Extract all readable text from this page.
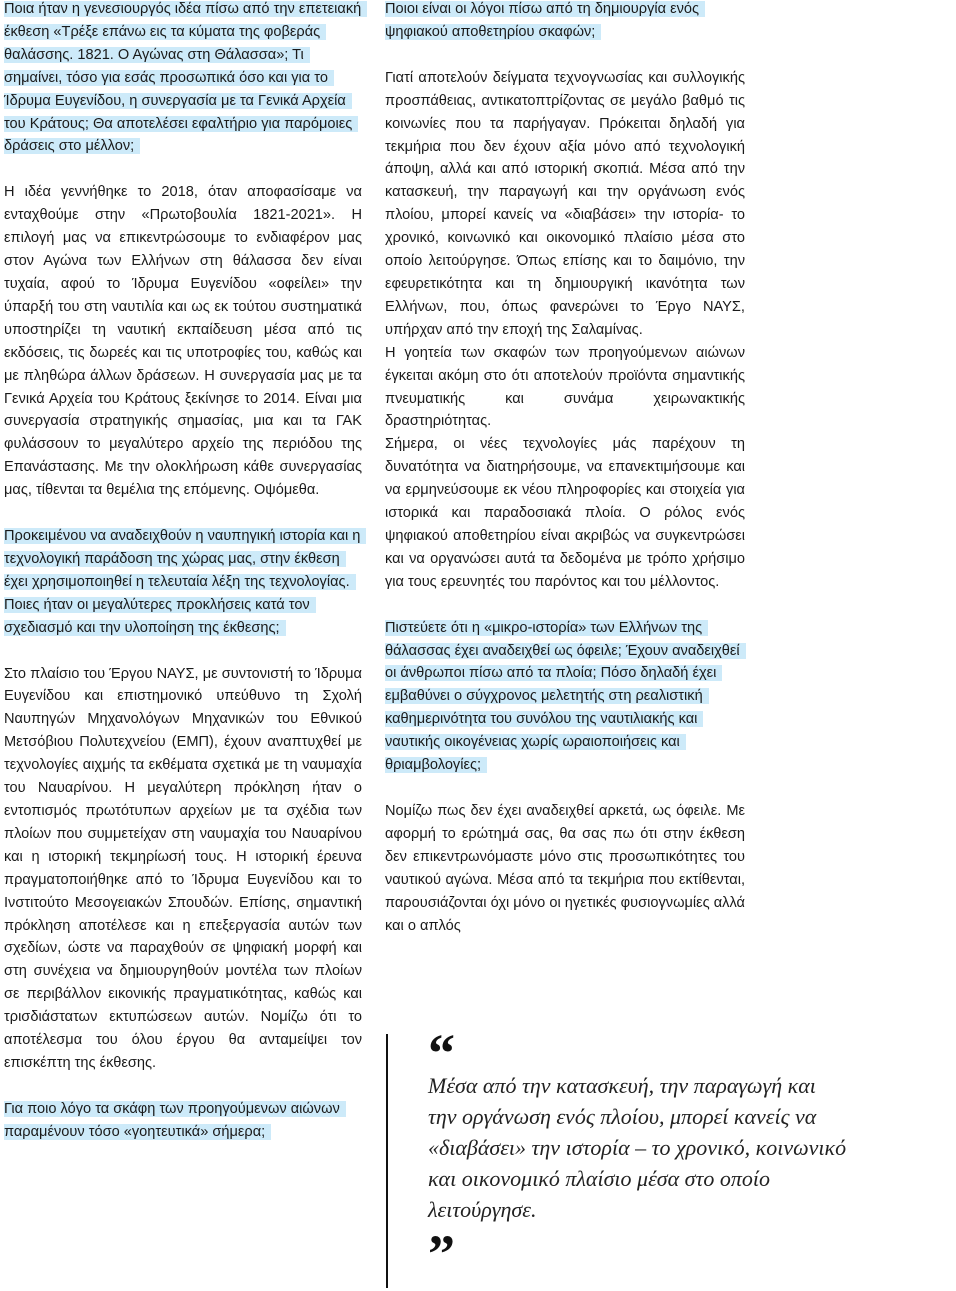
Ποια ήταν η γενεσιουργός ιδέα πίσω από την επετειακή έκθεση «Τρέξε επάνω εις τα κύματα της φοβεράς θαλάσσης. 1821. Ο Αγώνας στη Θάλασσα»; Τι σημαίνει, τόσο για εσάς προσωπικά όσο και για το Ίδρυμα Ευγενίδου, η συνεργασία με τα Γενικά Αρχεία του Κράτους; Θα αποτελέσει εφαλτήριο για παρόμοιες δράσεις στο μέλλον;

Η ιδέα γεννήθηκε το 2018, όταν αποφασίσαμε να ενταχθούμε στην «Πρωτοβουλία 1821-2021». Η επιλογή μας να επικεντρώσουμε το ενδιαφέρον μας στον Αγώνα των Ελλήνων στη θάλασσα δεν είναι τυχαία, αφού το Ίδρυμα Ευγενίδου «οφείλει» την ύπαρξή του στη ναυτιλία και ως εκ τούτου συστηματικά υποστηρίζει τη ναυτική εκπαίδευση μέσα από τις εκδόσεις, τις δωρεές και τις υποτροφίες του, καθώς και με πληθώρα άλλων δράσεων. Η συνεργασία μας με τα Γενικά Αρχεία του Κράτους ξεκίνησε το 2014. Είναι μια συνεργασία στρατηγικής σημασίας, μια και τα ΓΑΚ φυλάσσουν το μεγαλύτερο αρχείο της περιόδου της Επανάστασης. Με την ολοκλήρωση κάθε συνεργασίας μας, τίθενται τα θεμέλια της επόμενης. Οψόμεθα.

Προκειμένου να αναδειχθούν η ναυπηγική ιστορία και η τεχνολογική παράδοση της χώρας μας, στην έκθεση έχει χρησιμοποιηθεί η τελευταία λέξη της τεχνολογίας. Ποιες ήταν οι μεγαλύτερες προκλήσεις κατά τον σχεδιασμό και την υλοποίηση της έκθεσης;

Στο πλαίσιο του Έργου ΝΑΥΣ, με συντονιστή το Ίδρυμα Ευγενίδου και επιστημονικό υπεύθυνο τη Σχολή Ναυπηγών Μηχανολόγων Μηχανικών του Εθνικού Μετσόβιου Πολυτεχνείου (ΕΜΠ), έχουν αναπτυχθεί με τεχνολογίες αιχμής τα εκθέματα σχετικά με τη ναυμαχία του Ναυαρίνου. Η μεγαλύτερη πρόκληση ήταν ο εντοπισμός πρωτότυπων αρχείων με τα σχέδια των πλοίων που συμμετείχαν στη ναυμαχία του Ναυαρίνου και η ιστορική τεκμηρίωσή τους. Η ιστορική έρευνα πραγματοποιήθηκε από το Ίδρυμα Ευγενίδου και το Ινστιτούτο Μεσογειακών Σπουδών. Επίσης, σημαντική πρόκληση αποτέλεσε και η επεξεργασία αυτών των σχεδίων, ώστε να παραχθούν σε ψηφιακή μορφή και στη συνέχεια να δημιουργηθούν μοντέλα των πλοίων σε περιβάλλον εικονικής πραγματικότητας, καθώς και τρισδιάστατων εκτυπώσεων αυτών. Νομίζω ότι το αποτέλεσμα του όλου έργου θα ανταμείψει τον επισκέπτη της έκθεσης.

Για ποιο λόγο τα σκάφη των προηγούμενων αιώνων παραμένουν τόσο «γοητευτικά» σήμερα;

Ποιοι είναι οι λόγοι πίσω από τη δημιουργία ενός ψηφιακού αποθετηρίου σκαφών;

Γιατί αποτελούν δείγματα τεχνογνωσίας και συλλογικής προσπάθειας, αντικατοπτρίζοντας σε μεγάλο βαθμό τις κοινωνίες που τα παρήγαγαν. Πρόκειται δηλαδή για τεκμήρια που δεν έχουν αξία μόνο από τεχνολογική άποψη, αλλά και από ιστορική σκοπιά. Μέσα από την κατασκευή, την παραγωγή και την οργάνωση ενός πλοίου, μπορεί κανείς να «διαβάσει» την ιστορία- το χρονικό, κοινωνικό και οικονομικό πλαίσιο μέσα στο οποίο λειτούργησε. Όπως επίσης και το δαιμόνιο, την εφευρετικότητα και τη δημιουργική ικανότητα των Ελλήνων, που, όπως φανερώνει το Έργο ΝΑΥΣ, υπήρχαν από την εποχή της Σαλαμίνας.

Η γοητεία των σκαφών των προηγούμενων αιώνων έγκειται ακόμη στο ότι αποτελούν προϊόντα σημαντικής πνευματικής και συνάμα χειρωνακτικής δραστηριότητας.

Σήμερα, οι νέες τεχνολογίες μάς παρέχουν τη δυνατότητα να διατηρήσουμε, να επανεκτιμήσουμε και να ερμηνεύσουμε εκ νέου πληροφορίες και στοιχεία για ιστορικά και παραδοσιακά πλοία. Ο ρόλος ενός ψηφιακού αποθετηρίου είναι ακριβώς να συγκεντρώσει και να οργανώσει αυτά τα δεδομένα με τρόπο χρήσιμο για τους ερευνητές του παρόντος και του μέλλοντος.

Πιστεύετε ότι η «μικρο-ιστορία» των Ελλήνων της θάλασσας έχει αναδειχθεί ως όφειλε; Έχουν αναδειχθεί οι άνθρωποι πίσω από τα πλοία; Πόσο δηλαδή έχει εμβαθύνει ο σύγχρονος μελετητής στη ρεαλιστική καθημερινότητα του συνόλου της ναυτιλιακής και ναυτικής οικογένειας χωρίς ωραιοποιήσεις και θριαμβολογίες;

Νομίζω πως δεν έχει αναδειχθεί αρκετά, ως όφειλε. Με αφορμή το ερώτημά σας, θα σας πω ότι στην έκθεση δεν επικεντρωνόμαστε μόνο στις προσωπικότητες του ναυτικού αγώνα. Μέσα από τα τεκμήρια που εκτίθενται, παρουσιάζονται όχι μόνο οι ηγετικές φυσιογνωμίες αλλά και ο απλός

“

Μέσα από την κατασκευή, την παραγωγή και την οργάνωση ενός πλοίου, μπορεί κανείς να «διαβάσει» την ιστορία – το χρονικό, κοινωνικό και οικονομικό πλαίσιο μέσα στο οποίο λειτούργησε.

”
